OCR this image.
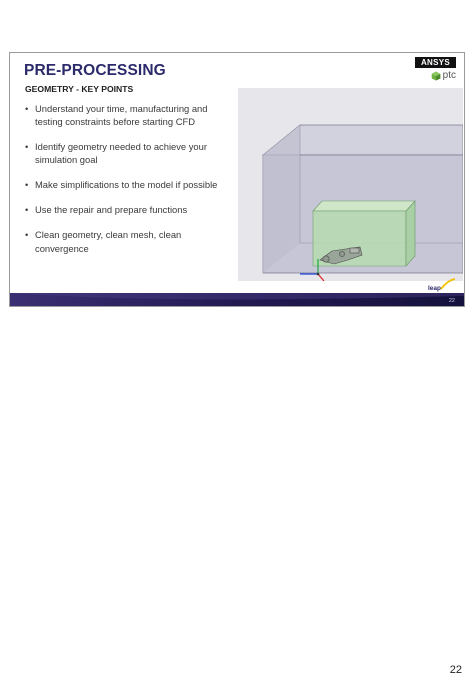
PRE-PROCESSING
GEOMETRY - KEY POINTS
• Understand your time, manufacturing and testing constraints before starting CFD
• Identify geometry needed to achieve your simulation goal
• Make simplifications to the model if possible
• Use the repair and prepare functions
• Clean geometry, clean mesh, clean convergence
ANSYS
ptc
leap
22
22
